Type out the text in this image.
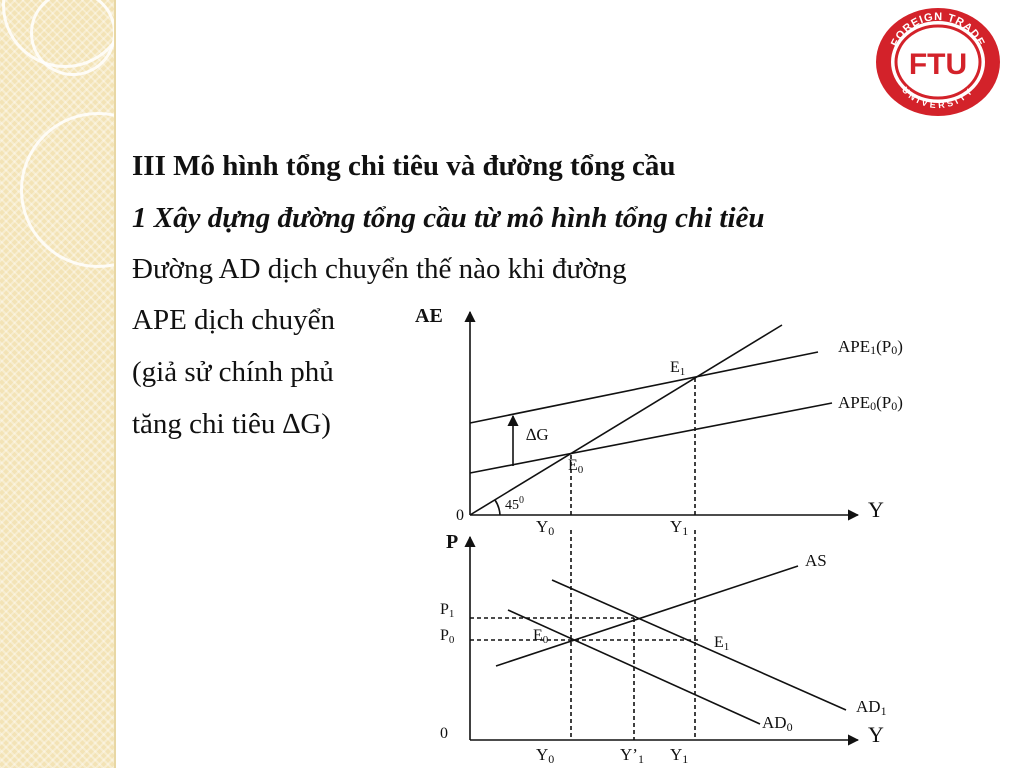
FOREIGN TRADE
UNIVERSITY
FTU

III Mô hình tổng chi tiêu và đường tổng cầu

1 Xây dựng đường tổng cầu từ mô hình tổng chi tiêu

Đường AD dịch chuyển thế nào khi đường

APE dịch chuyển

(giả sử chính phủ

tăng chi tiêu ∆G)

AE
Y
0
APE1(P0)
APE0(P0)
∆G
$45^0$
E0
E1
Y0	Y1
P
Y
0
AS
AD0
AD1
P1
P0	E0	E1
Y0	Y’1 Y1
